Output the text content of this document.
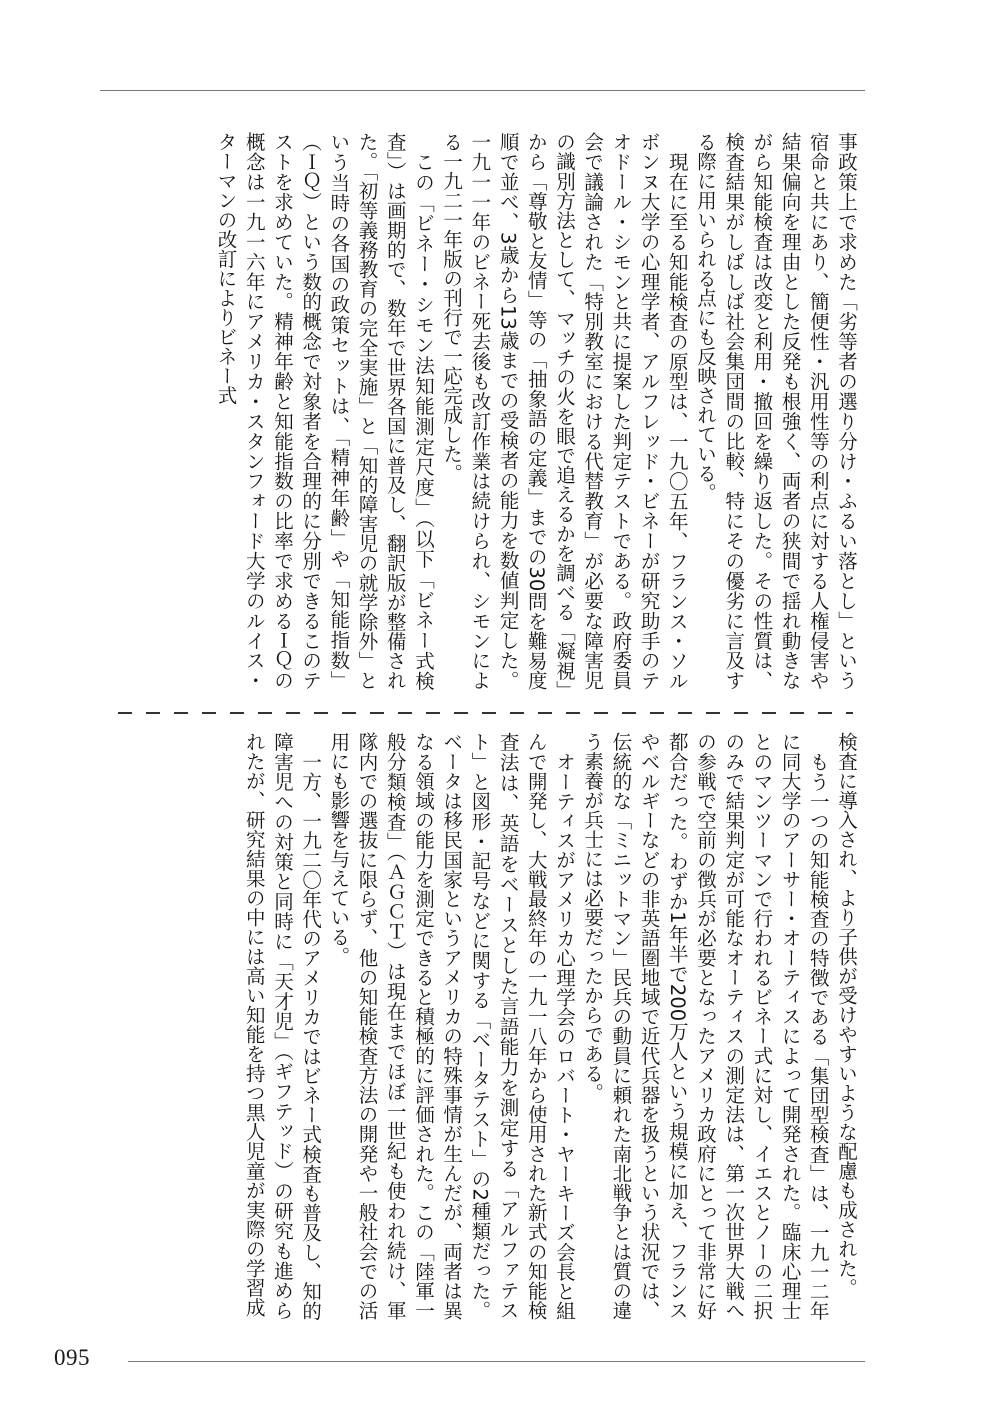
事政策上で求めた「劣等者の選り分け・ふるい落とし」という宿命と共にあり、簡便性・汎用性等の利点に対する人権侵害や結果偏向を理由とした反発も根強く、両者の狭間で揺れ動きながら知能検査は改変と利用・撤回を繰り返した。その性質は、検査結果がしばしば社会集団間の比較、特にその優劣に言及する際に用いられる点にも反映されている。

現在に至る知能検査の原型は、一九〇五年、フランス・ソルボンヌ大学の心理学者、アルフレッド・ビネーが研究助手のテオドール・シモンと共に提案した判定テストである。政府委員会で議論された「特別教室における代替教育」が必要な障害児の識別方法として、マッチの火を眼で追えるかを調べる「凝視」から「尊敬と友情」等の「抽象語の定義」までの30問を難易度順で並べ、3歳から13歳までの受検者の能力を数値判定した。一九一一年のビネー死去後も改訂作業は続けられ、シモンによる一九二一年版の刊行で一応完成した。

この「ビネー・シモン法知能測定尺度」（以下「ビネー式検査」）は画期的で、数年で世界各国に普及し、翻訳版が整備された。「初等義務教育の完全実施」と「知的障害児の就学除外」という当時の各国の政策セットは、「精神年齢」や「知能指数」（ＩＱ）という数的概念で対象者を合理的に分別できるこのテストを求めていた。精神年齢と知能指数の比率で求めるＩＱの概念は一九一六年にアメリカ・スタンフォード大学のルイス・ターマンの改訂によりビネー式

検査に導入され、より子供が受けやすいような配慮も成された。

もう一つの知能検査の特徴である「集団型検査」は、一九一二年に同大学のアーサー・オーティスによって開発された。臨床心理士とのマンツーマンで行われるビネー式に対し、イエスとノーの二択のみで結果判定が可能なオーティスの測定法は、第一次世界大戦への参戦で空前の徴兵が必要となったアメリカ政府にとって非常に好都合だった。わずか1年半で200万人という規模に加え、フランスやベルギーなどの非英語圏地域で近代兵器を扱うという状況では、伝統的な「ミニットマン」民兵の動員に頼れた南北戦争とは質の違う素養が兵士には必要だったからである。

オーティスがアメリカ心理学会のロバート・ヤーキーズ会長と組んで開発し、大戦最終年の一九一八年から使用された新式の知能検査法は、英語をベースとした言語能力を測定する「アルファテスト」と図形・記号などに関する「ベータテスト」の2種類だった。ベータは移民国家というアメリカの特殊事情が生んだが、両者は異なる領域の能力を測定できると積極的に評価された。この「陸軍一般分類検査」（ＡＧＣＴ）は現在までほぼ一世紀も使われ続け、軍隊内での選抜に限らず、他の知能検査方法の開発や一般社会での活用にも影響を与えている。

一方、一九二〇年代のアメリカではビネー式検査も普及し、知的障害児への対策と同時に「天才児」（ギフテッド）の研究も進められたが、研究結果の中には高い知能を持つ黒人児童が実際の学習成

095
